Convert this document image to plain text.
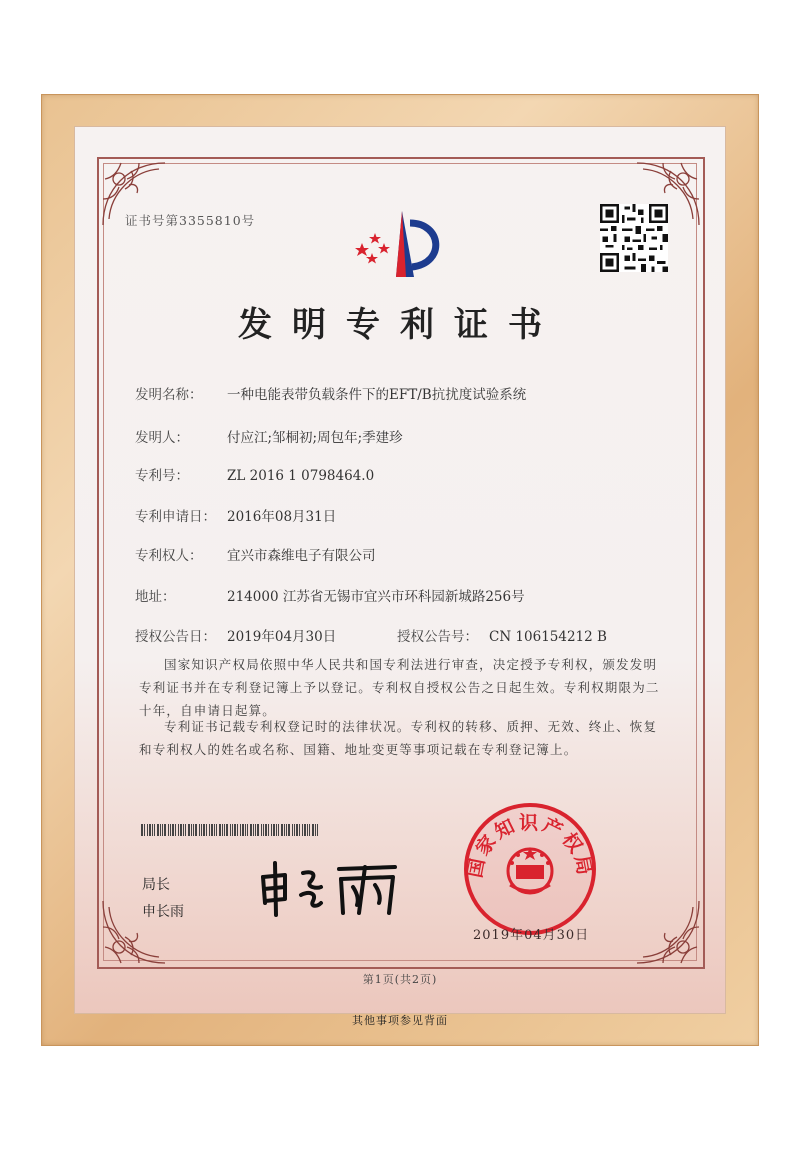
证书号第3355810号
发明专利证书
发明名称： 一种电能表带负载条件下的EFT/B抗扰度试验系统
发明人：	付应江;邹桐初;周包年;季建珍
专利号：	ZL 2016 1 0798464.0
专利申请日： 2016年08月31日
专利权人： 宜兴市森维电子有限公司
地址：	214000 江苏省无锡市宜兴市环科园新城路256号
授权公告日： 2019年04月30日	授权公告号： CN 106154212 B
国家知识产权局依照中华人民共和国专利法进行审查，决定授予专利权，颁发发明专利证书并在专利登记簿上予以登记。专利权自授权公告之日起生效。专利权期限为二十年，自申请日起算。
专利证书记载专利权登记时的法律状况。专利权的转移、质押、无效、终止、恢复和专利权人的姓名或名称、国籍、地址变更等事项记载在专利登记簿上。
局长
申长雨
国家知识产权局
2019年04月30日
第1页(共2页)
其他事项参见背面
